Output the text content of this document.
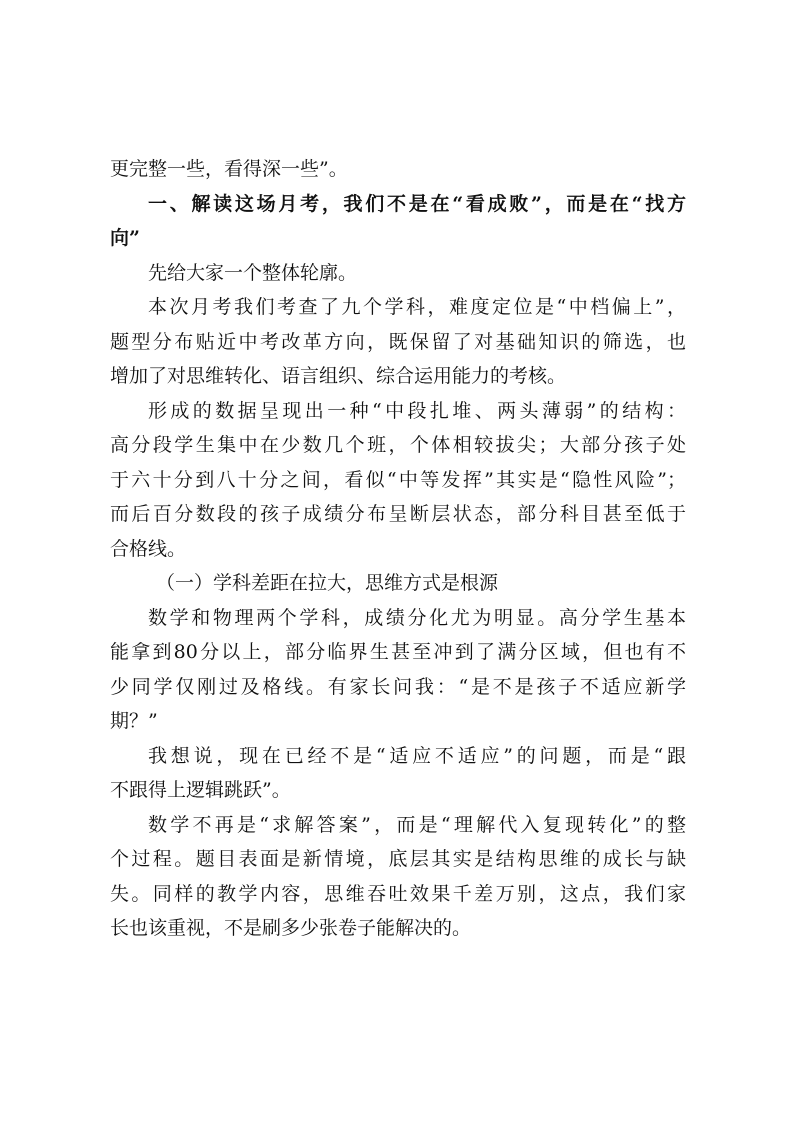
更完整一些，看得深一些”。
一、解读这场月考，我们不是在“看成败”，而是在“找方
向”
先给大家一个整体轮廓。
本次月考我们考查了九个学科，难度定位是“中档偏上”，
题型分布贴近中考改革方向，既保留了对基础知识的筛选，也
增加了对思维转化、语言组织、综合运用能力的考核。
形成的数据呈现出一种“中段扎堆、两头薄弱”的结构：
高分段学生集中在少数几个班，个体相较拔尖；大部分孩子处
于六十分到八十分之间，看似“中等发挥”其实是“隐性风险”；
而后百分数段的孩子成绩分布呈断层状态，部分科目甚至低于
合格线。
（一）学科差距在拉大，思维方式是根源
数学和物理两个学科，成绩分化尤为明显。高分学生基本
能拿到80分以上，部分临界生甚至冲到了满分区域，但也有不
少同学仅刚过及格线。有家长问我：“是不是孩子不适应新学
期？”
我想说，现在已经不是“适应不适应”的问题，而是“跟
不跟得上逻辑跳跃”。
数学不再是“求解答案”，而是“理解代入复现转化”的整
个过程。题目表面是新情境，底层其实是结构思维的成长与缺
失。同样的教学内容，思维吞吐效果千差万别，这点，我们家
长也该重视，不是刷多少张卷子能解决的。
